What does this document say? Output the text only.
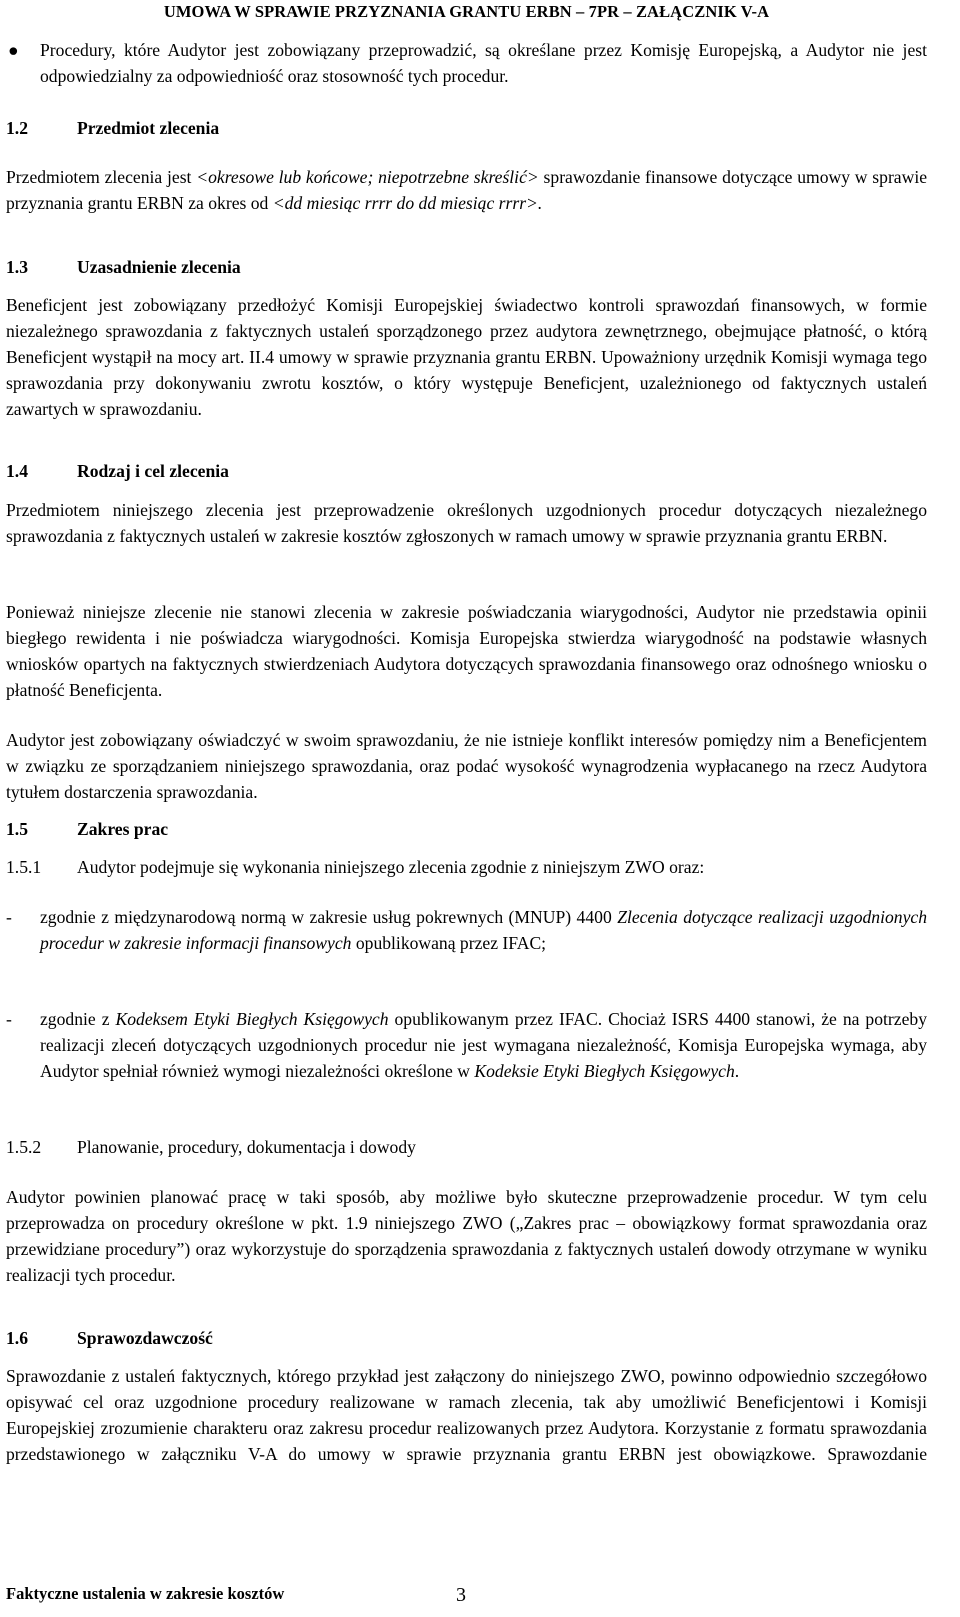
UMOWA W SPRAWIE PRZYZNANIA GRANTU ERBN – 7PR – ZAŁĄCZNIK V-A
● Procedury, które Audytor jest zobowiązany przeprowadzić, są określane przez Komisję Europejską, a Audytor nie jest odpowiedzialny za odpowiedniość oraz stosowność tych procedur.

1.2	Przedmiot zlecenia

Przedmiotem zlecenia jest <okresowe lub końcowe; niepotrzebne skreślić> sprawozdanie finansowe dotyczące umowy w sprawie przyznania grantu ERBN za okres od <dd miesiąc rrrr do dd miesiąc rrrr>.

1.3	Uzasadnienie zlecenia

Beneficjent jest zobowiązany przedłożyć Komisji Europejskiej świadectwo kontroli sprawozdań finansowych, w formie niezależnego sprawozdania z faktycznych ustaleń sporządzonego przez audytora zewnętrznego, obejmujące płatność, o którą Beneficjent wystąpił na mocy art. II.4 umowy w sprawie przyznania grantu ERBN. Upoważniony urzędnik Komisji wymaga tego sprawozdania przy dokonywaniu zwrotu kosztów, o który występuje Beneficjent, uzależnionego od faktycznych ustaleń zawartych w sprawozdaniu.

1.4	Rodzaj i cel zlecenia

Przedmiotem niniejszego zlecenia jest przeprowadzenie określonych uzgodnionych procedur dotyczących niezależnego sprawozdania z faktycznych ustaleń w zakresie kosztów zgłoszonych w ramach umowy w sprawie przyznania grantu ERBN.

Ponieważ niniejsze zlecenie nie stanowi zlecenia w zakresie poświadczania wiarygodności, Audytor nie przedstawia opinii biegłego rewidenta i nie poświadcza wiarygodności. Komisja Europejska stwierdza wiarygodność na podstawie własnych wniosków opartych na faktycznych stwierdzeniach Audytora dotyczących sprawozdania finansowego oraz odnośnego wniosku o płatność Beneficjenta.

Audytor jest zobowiązany oświadczyć w swoim sprawozdaniu, że nie istnieje konflikt interesów pomiędzy nim a Beneficjentem w związku ze sporządzaniem niniejszego sprawozdania, oraz podać wysokość wynagrodzenia wypłacanego na rzecz Audytora tytułem dostarczenia sprawozdania.

1.5	Zakres prac
1.5.1 Audytor podejmuje się wykonania niniejszego zlecenia zgodnie z niniejszym ZWO oraz:
- zgodnie z międzynarodową normą w zakresie usług pokrewnych (MNUP) 4400 Zlecenia dotyczące realizacji uzgodnionych procedur w zakresie informacji finansowych opublikowaną przez IFAC;

- zgodnie z Kodeksem Etyki Biegłych Księgowych opublikowanym przez IFAC. Chociaż ISRS 4400 stanowi, że na potrzeby realizacji zleceń dotyczących uzgodnionych procedur nie jest wymagana niezależność, Komisja Europejska wymaga, aby Audytor spełniał również wymogi niezależności określone w Kodeksie Etyki Biegłych Księgowych.

1.5.2 Planowanie, procedury, dokumentacja i dowody

Audytor powinien planować pracę w taki sposób, aby możliwe było skuteczne przeprowadzenie procedur. W tym celu przeprowadza on procedury określone w pkt. 1.9 niniejszego ZWO („Zakres prac – obowiązkowy format sprawozdania oraz przewidziane procedury”) oraz wykorzystuje do sporządzenia sprawozdania z faktycznych ustaleń dowody otrzymane w wyniku realizacji tych procedur.

1.6	Sprawozdawczość

Sprawozdanie z ustaleń faktycznych, którego przykład jest załączony do niniejszego ZWO, powinno odpowiednio szczegółowo opisywać cel oraz uzgodnione procedury realizowane w ramach zlecenia, tak aby umożliwić Beneficjentowi i Komisji Europejskiej zrozumienie charakteru oraz zakresu procedur realizowanych przez Audytora. Korzystanie z formatu sprawozdania przedstawionego w załączniku V-A do umowy w sprawie przyznania grantu ERBN jest obowiązkowe. Sprawozdanie

Faktyczne ustalenia w zakresie kosztów	3
